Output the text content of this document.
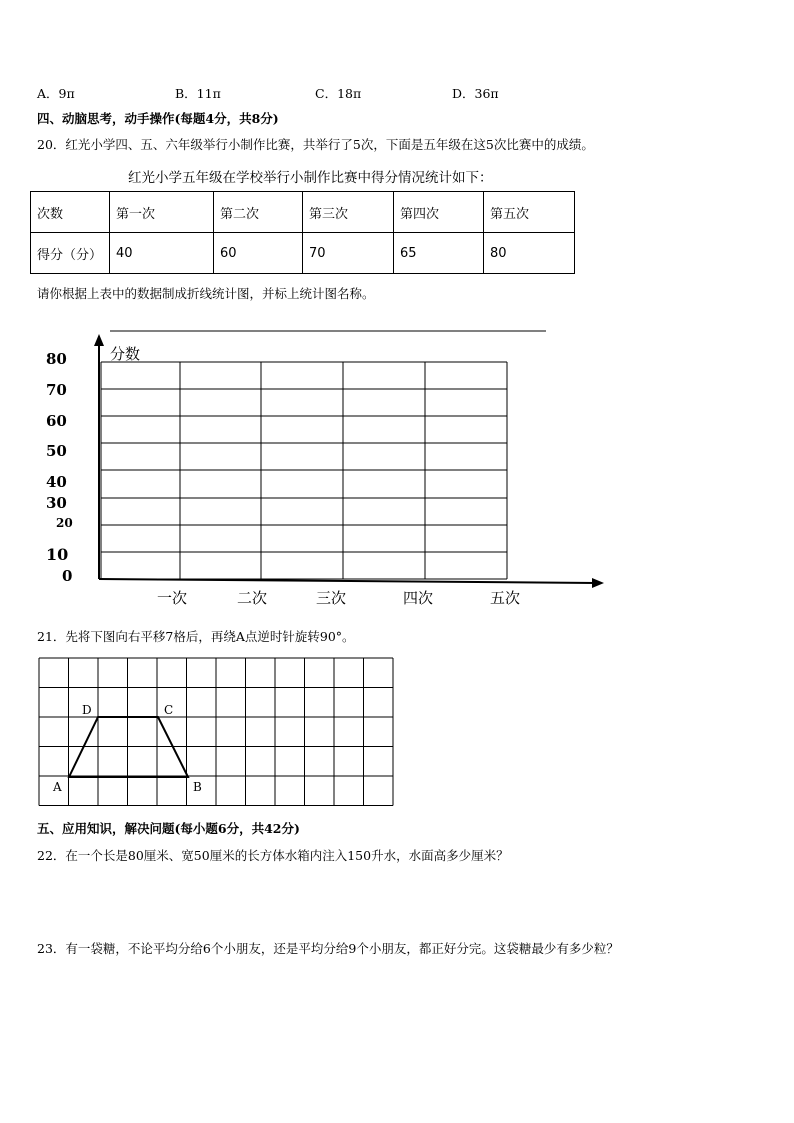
A．9π	B．11π	C．18π	D．36π
四、动脑思考，动手操作(每题4分，共8分)
20．红光小学四、五、六年级举行小制作比赛，共举行了5次，下面是五年级在这5次比赛中的成绩。
红光小学五年级在学校举行小制作比赛中得分情况统计如下：
次数	第一次	第二次	第三次	第四次	第五次
得分（分）	40	60	70	65	80
请你根据上表中的数据制成折线统计图，并标上统计图名称。
分数
80
70
60
50
40
30
20
10
0
一次	二次	三次	四次	五次
21．先将下图向右平移7格后，再绕A点逆时针旋转90°。
D	C
A	B
五、应用知识，解决问题(每小题6分，共42分)
22．在一个长是80厘米、宽50厘米的长方体水箱内注入150升水，水面高多少厘米？
23．有一袋糖，不论平均分给6个小朋友，还是平均分给9个小朋友，都正好分完。这袋糖最少有多少粒？
